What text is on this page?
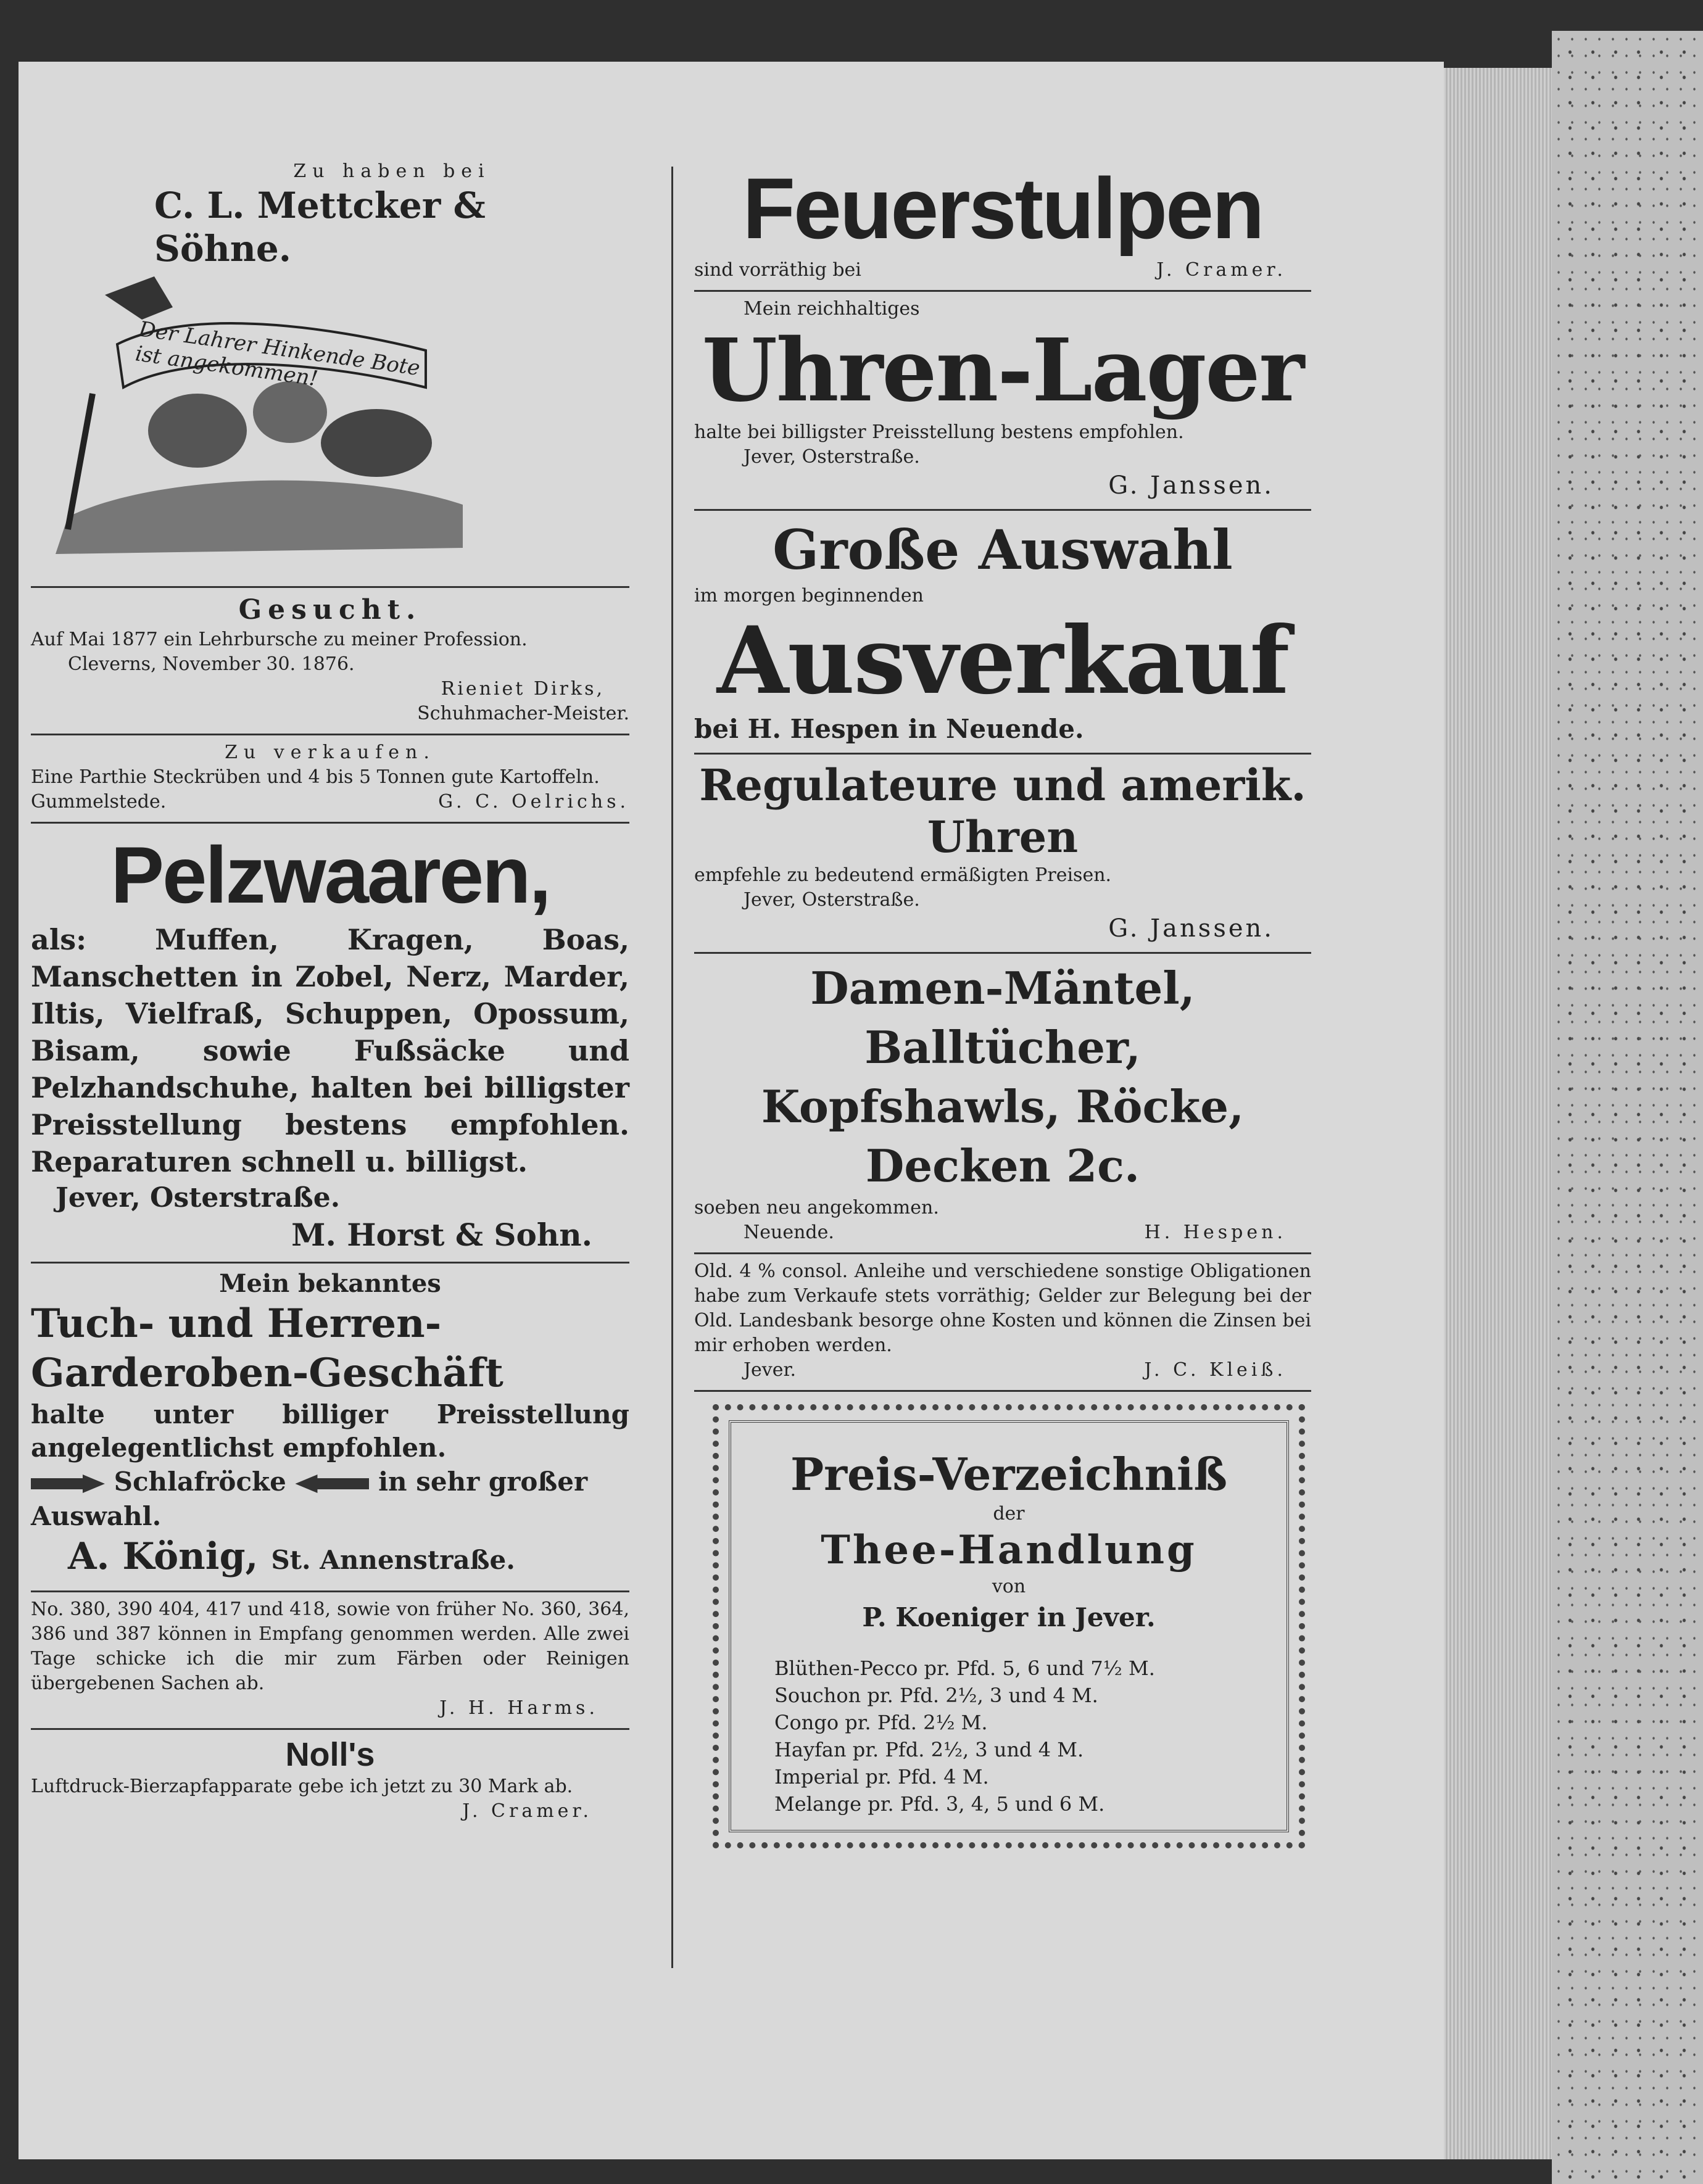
Zu haben bei
C. L. Mettcker & Söhne.
Der Lahrer Hinkende Bote ist angekommen!
Gesucht.
Auf Mai 1877 ein Lehrbursche zu meiner Profession.
Cleverns, November 30. 1876.
Rieniet Dirks,
Schuhmacher-Meister.
Zu verkaufen.
Eine Parthie Steckrüben und 4 bis 5 Tonnen gute Kartoffeln.
Gummelstede.	G. C. Oelrichs.
Pelzwaaren,
als: Muffen, Kragen, Boas, Manschetten in Zobel, Nerz, Marder, Iltis, Vielfraß, Schuppen, Opossum, Bisam, sowie Fußsäcke und Pelzhandschuhe, halten bei billigster Preisstellung bestens empfohlen. Reparaturen schnell u. billigst.
Jever, Osterstraße.
M. Horst & Sohn.
Mein bekanntes
Tuch- und Herren-Garderoben-Geschäft
halte unter billiger Preisstellung angelegentlichst empfohlen.
Schlafröcke	in sehr großer Auswahl.
A. König, St. Annenstraße.
No. 380, 390 404, 417 und 418, sowie von früher No. 360, 364, 386 und 387 können in Empfang genommen werden. Alle zwei Tage schicke ich die mir zum Färben oder Reinigen übergebenen Sachen ab.
J. H. Harms.
Noll's
Luftdruck-Bierzapfapparate gebe ich jetzt zu 30 Mark ab.
J. Cramer.
Feuerstulpen
sind vorräthig bei	J. Cramer.
Mein reichhaltiges
Uhren-Lager
halte bei billigster Preisstellung bestens empfohlen.
Jever, Osterstraße.
G. Janssen.
Große Auswahl
im morgen beginnenden
Ausverkauf
bei H. Hespen in Neuende.
Regulateure und amerik.
Uhren
empfehle zu bedeutend ermäßigten Preisen.
Jever, Osterstraße.
G. Janssen.
Damen-Mäntel, Balltücher,
Kopfshawls, Röcke,
Decken 2c.
soeben neu angekommen.
Neuende.	H. Hespen.
Old. 4 % consol. Anleihe und verschiedene sonstige Obligationen habe zum Verkaufe stets vorräthig; Gelder zur Belegung bei der Old. Landesbank besorge ohne Kosten und können die Zinsen bei mir erhoben werden.
Jever.	J. C. Kleiß.
Preis-Verzeichniß
der
Thee-Handlung
von
P. Koeniger in Jever.
Blüthen-Pecco pr. Pfd. 5, 6 und 7½ M.
Souchon pr. Pfd. 2½, 3 und 4 M.
Congo pr. Pfd. 2½ M.
Hayfan pr. Pfd. 2½, 3 und 4 M.
Imperial pr. Pfd. 4 M.
Melange pr. Pfd. 3, 4, 5 und 6 M.
